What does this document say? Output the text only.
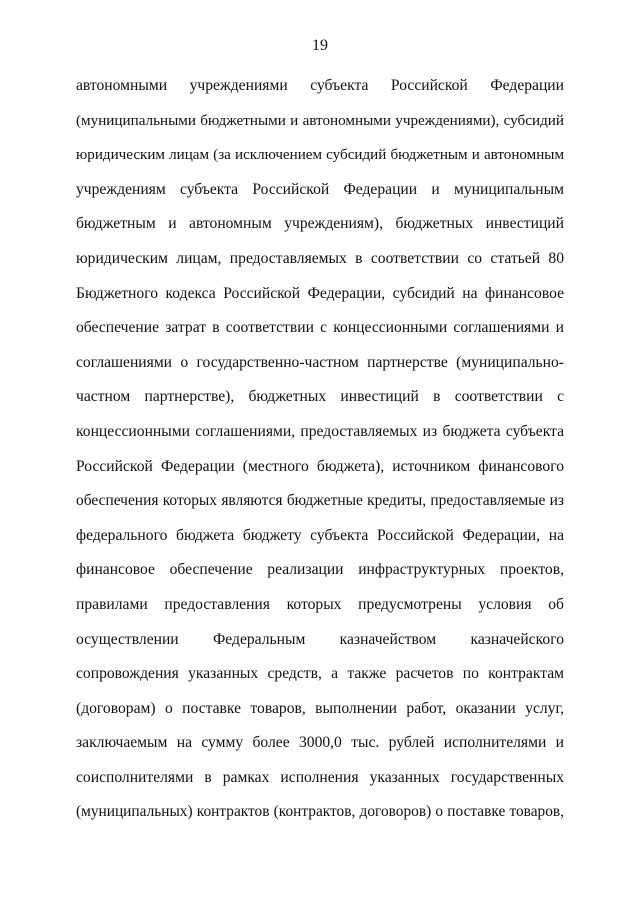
19
автономными учреждениями субъекта Российской Федерации
(муниципальными бюджетными и автономными учреждениями), субсидий
юридическим лицам (за исключением субсидий бюджетным и автономным
учреждениям субъекта Российской Федерации и муниципальным
бюджетным и автономным учреждениям), бюджетных инвестиций
юридическим лицам, предоставляемых в соответствии со статьей 80
Бюджетного кодекса Российской Федерации, субсидий на финансовое
обеспечение затрат в соответствии с концессионными соглашениями и
соглашениями о государственно-частном партнерстве (муниципально-
частном партнерстве), бюджетных инвестиций в соответствии с
концессионными соглашениями, предоставляемых из бюджета субъекта
Российской Федерации (местного бюджета), источником финансового
обеспечения которых являются бюджетные кредиты, предоставляемые из
федерального бюджета бюджету субъекта Российской Федерации, на
финансовое обеспечение реализации инфраструктурных проектов,
правилами предоставления которых предусмотрены условия об
осуществлении Федеральным казначейством казначейского
сопровождения указанных средств, а также расчетов по контрактам
(договорам) о поставке товаров, выполнении работ, оказании услуг,
заключаемым на сумму более 3000,0 тыс. рублей исполнителями и
соисполнителями в рамках исполнения указанных государственных
(муниципальных) контрактов (контрактов, договоров) о поставке товаров,
